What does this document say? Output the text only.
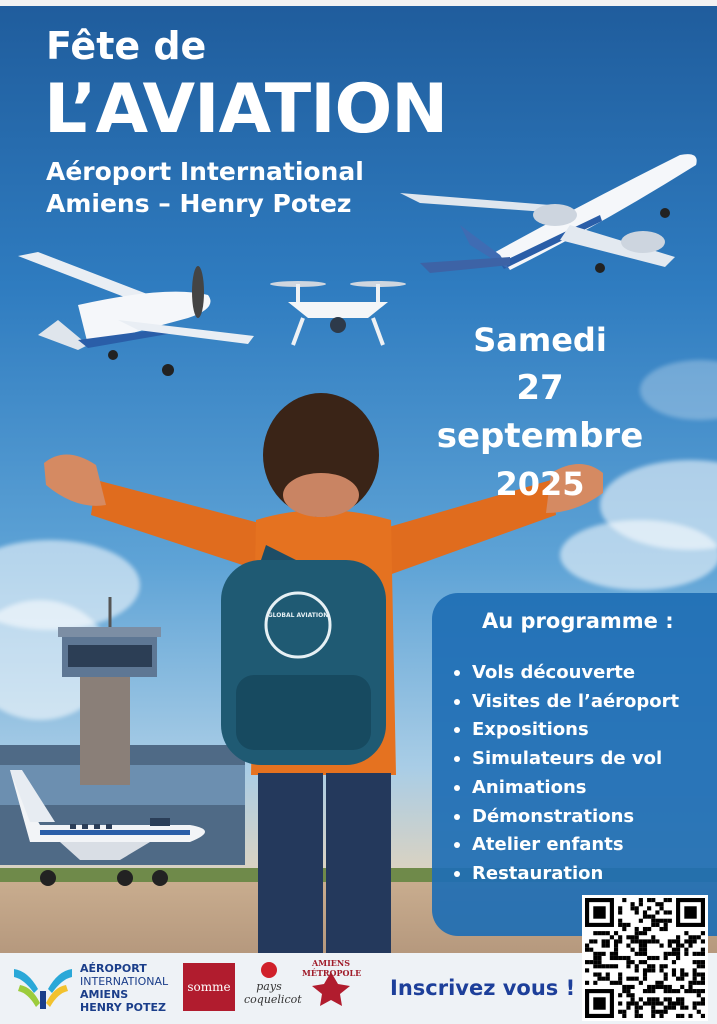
GLOBAL AVIATION
Fête de
L’AVIATION
Aéroport International
Amiens – Henry Potez
Samedi
27 septembre
2025
Au programme :
Vols découverte
Visites de l’aéroport
Expositions
Simulateurs de vol
Animations
Démonstrations
Atelier enfants
Restauration
AÉROPORT
INTERNATIONAL
AMIENS
HENRY POTEZ
somme	pays coquelicot
AMIENS MÉTROPOLE
Inscrivez vous !
